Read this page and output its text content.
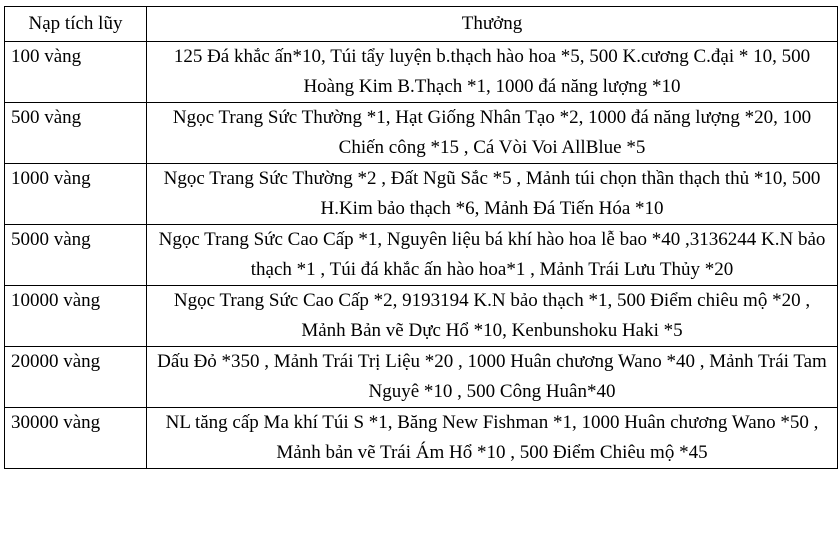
Nạp tích lũy	Thưởng
100 vàng	125 Đá khắc ấn*10, Túi tẩy luyện b.thạch hào hoa *5, 500 K.cương C.đại * 10, 500 Hoàng Kim B.Thạch *1, 1000 đá năng lượng *10
500 vàng	Ngọc Trang Sức Thường *1, Hạt Giống Nhân Tạo *2, 1000 đá năng lượng *20, 100 Chiến công *15 , Cá Vòi Voi AllBlue *5
1000 vàng	Ngọc Trang Sức Thường *2 , Đất Ngũ Sắc *5 , Mảnh túi chọn thần thạch thủ *10, 500 H.Kim bảo thạch *6, Mảnh Đá Tiến Hóa *10
5000 vàng	Ngọc Trang Sức Cao Cấp *1, Nguyên liệu bá khí hào hoa lễ bao *40 ,3136244 K.N bảo thạch *1 , Túi đá khắc ấn hào hoa*1 , Mảnh Trái Lưu Thủy *20
10000 vàng	Ngọc Trang Sức Cao Cấp *2, 9193194 K.N bảo thạch *1, 500 Điểm chiêu mộ *20 , Mảnh Bản vẽ Dực Hổ *10, Kenbunshoku Haki *5
20000 vàng	Dấu Đỏ *350 , Mảnh Trái Trị Liệu *20 , 1000 Huân chương Wano *40 , Mảnh Trái Tam Nguyê *10 , 500 Công Huân*40
30000 vàng	NL tăng cấp Ma khí Túi S *1, Băng New Fishman *1, 1000 Huân chương Wano *50 , Mảnh bản vẽ Trái Ám Hổ *10 , 500 Điểm Chiêu mộ *45
